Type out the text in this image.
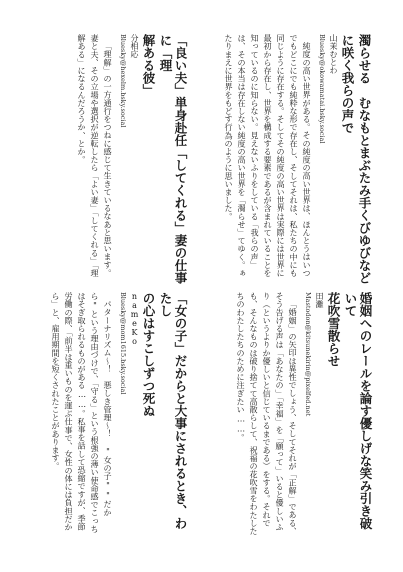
濁らせる　むなもとまぶたみ手くびゆびなど
に咲く我らの声で
山茉むとわ
Bluesky@okowamatai.bsky.social

純度の高い世界がある。その純度の高い世界は、ほんとうはいつでもどこにでも純粋な形で存在し、そしてそれは、私たちの中にも同じように存在する。そしてその純度の高い世界は実際には世界に最初から存在し、世界を構成する要素であるが含まれていることを知っているのに知らない。見えないふりをしている「我らの声」は、その本当は存在しない純度の高い世界を「濁らせ」てゆく。ぁたりまえに世界をもどす行為のように思いました。

「良い夫」単身赴任「してくれる」妻の仕事に「理
解ある彼」
分相応
Bluesky@hexelm.bsky.social

「理解」の一方通行をつねに感じて生きているなあと思います。妻と夫、その立場や選択が逆転したら「よい妻」「してくれる」「理解ある」になるんだろうか、とか。

婚姻へのレールを論す優しげな笑み引き破いて
花吹雪散らせ
田灘
Mastodon@kitsunekirin@pixelfed.net

「婚姻」の矢印は異性でしょう、そしてそれが「正解」である、そう告げる声は「あなたの」「幸福」を「願って」いると優しいふり（というよりか優しいと信じているまである）をする。それでも、そんなものは破り捨てて高散らして、祝福の花吹雪をわたしたちのわたしたちのために注ぎたい……。

「女の子」だからと大事にされるとき、わたし
の心はすこしずつ死ぬ
nameKo
Bluesky@mom1615.bsky.social

パターナリズム〜！　悪しき管理〜！　"女の子""だから"という理由づけで、「守る」という根強の薄い使命感でこっちはそぎ取られるものがある……。私事を話して恐縮ですが、季節労働の際、「前半は重いものを運ぶ仕事で、女性の体には負担だから」と、雇用期間を短くされたことがあります。
